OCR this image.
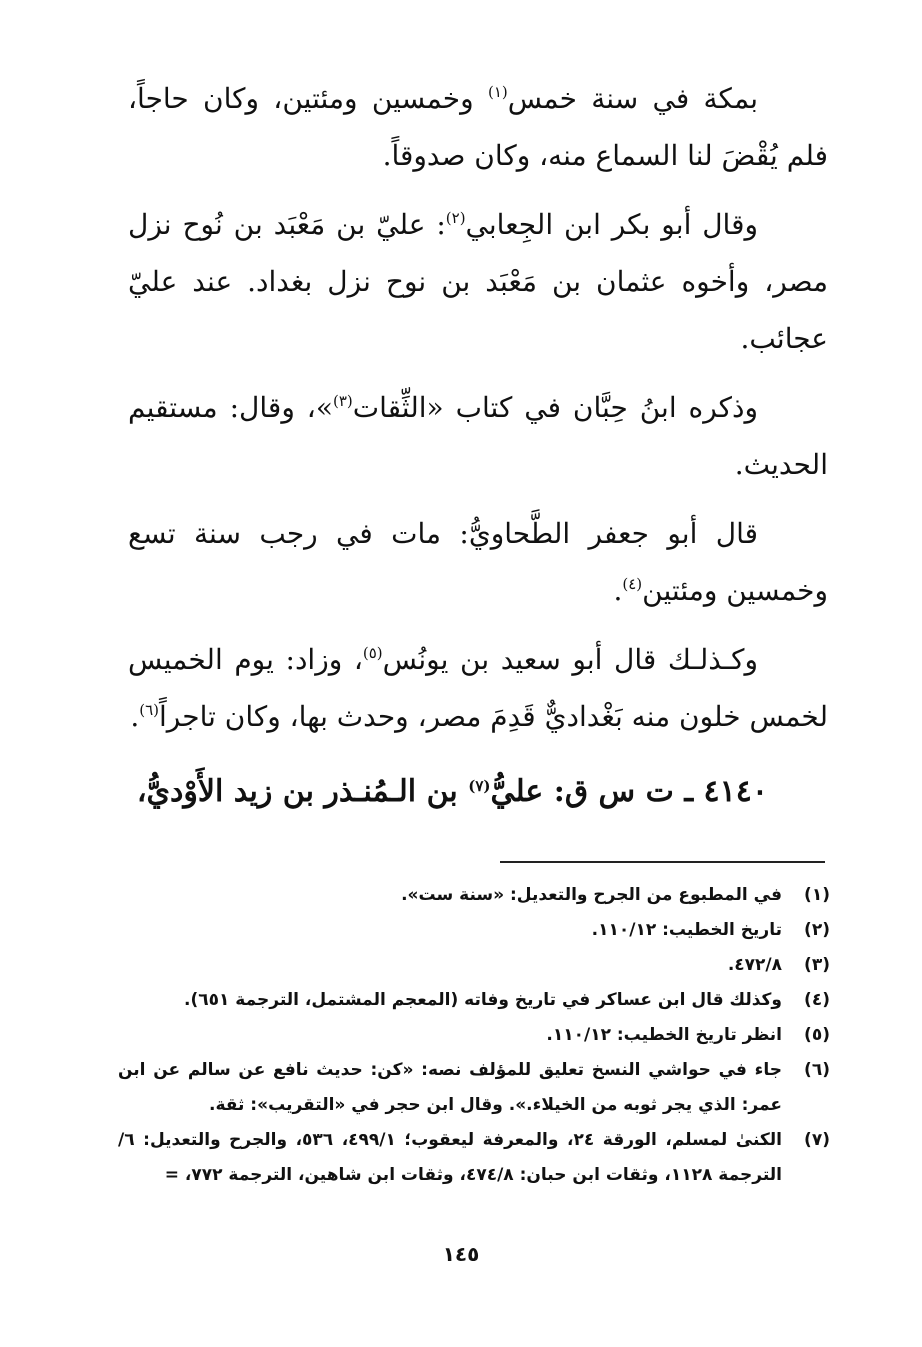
بمكة في سنة خمس$^{(١)}$ وخمسين ومئتين، وكان حاجاً، فلم يُقْضَ لنا السماع منه، وكان صدوقاً.

وقال أبو بكر ابن الجِعابي$^{(٢)}$: عليّ بن مَعْبَد بن نُوح نزل مصر، وأخوه عثمان بن مَعْبَد بن نوح نزل بغداد. عند عليّ عجائب.

وذكره ابنُ حِبَّان في كتاب «الثِّقات$^{(٣)}$»، وقال: مستقيم الحديث.

قال أبو جعفر الطَّحاويُّ: مات في رجب سنة تسع وخمسين ومئتين$^{(٤)}$.

وكـذلـك قال أبو سعيد بن يونُس$^{(٥)}$، وزاد: يوم الخميس لخمس خلون منه بَغْداديٌّ قَدِمَ مصر، وحدث بها، وكان تاجراً$^{(٦)}$.

٤١٤٠ ـ ت س ق: عليُّ$^{(٧)}$ بن الـمُنـذر بن زيد الأَوْديُّ،
(١)
في المطبوع من الجرح والتعديل: «سنة ست».
(٢)
تاريخ الخطيب: ١١٠/١٢.
(٣)
٤٧٢/٨.
(٤)
وكذلك قال ابن عساكر في تاريخ وفاته (المعجم المشتمل، الترجمة ٦٥١).
(٥)
انظر تاريخ الخطيب: ١١٠/١٢.
(٦)
جاء في حواشي النسخ تعليق للمؤلف نصه: «كن: حديث نافع عن سالم عن ابن عمر: الذي يجر ثوبه من الخيلاء.». وقال ابن حجر في «التقريب»: ثقة.
(٧)
الكنىٰ لمسلم، الورقة ٢٤، والمعرفة ليعقوب؛ ٤٩٩/١، ٥٣٦، والجرح والتعديل: ٦/الترجمة ١١٢٨، وثقات ابن حبان: ٤٧٤/٨، وثقات ابن شاهين، الترجمة ٧٧٢، =
١٤٥
